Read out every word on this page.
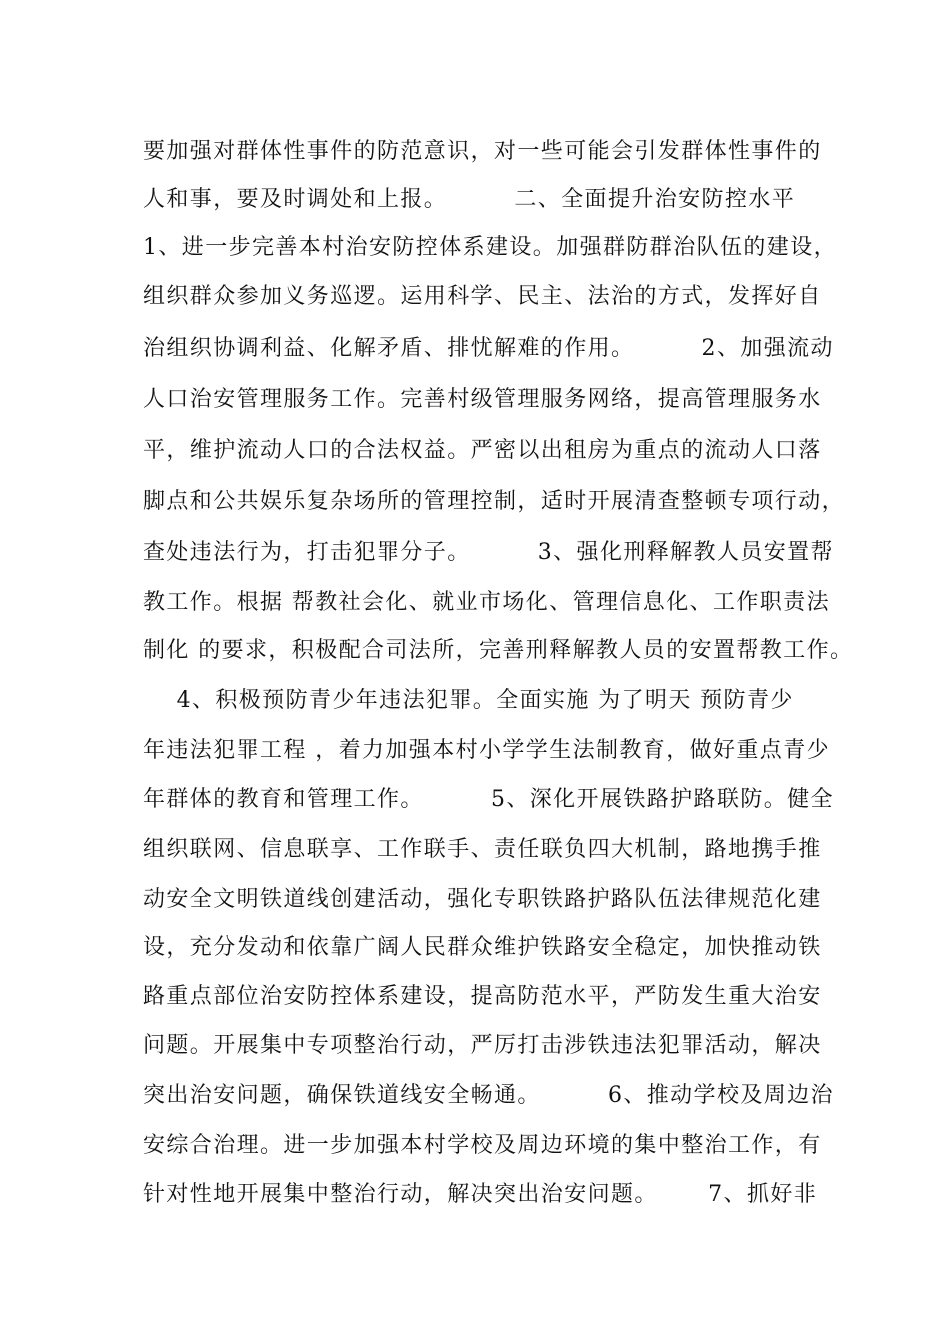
要加强对群体性事件的防范意识，对一些可能会引发群体性事件的
人和事，要及时调处和上报。        二、全面提升治安防控水平
1、进一步完善本村治安防控体系建设。加强群防群治队伍的建设，
组织群众参加义务巡逻。运用科学、民主、法治的方式，发挥好自
治组织协调利益、化解矛盾、排忧解难的作用。        2、加强流动
人口治安管理服务工作。完善村级管理服务网络，提高管理服务水
平，维护流动人口的合法权益。严密以出租房为重点的流动人口落
脚点和公共娱乐复杂场所的管理控制，适时开展清查整顿专项行动，
查处违法行为，打击犯罪分子。        3、强化刑释解教人员安置帮
教工作。根据 帮教社会化、就业市场化、管理信息化、工作职责法
制化 的要求，积极配合司法所，完善刑释解教人员的安置帮教工作。
4、积极预防青少年违法犯罪。全面实施 为了明天 预防青少
年违法犯罪工程 ，着力加强本村小学学生法制教育，做好重点青少
年群体的教育和管理工作。        5、深化开展铁路护路联防。健全
组织联网、信息联享、工作联手、责任联负四大机制，路地携手推
动安全文明铁道线创建活动，强化专职铁路护路队伍法律规范化建
设，充分发动和依靠广阔人民群众维护铁路安全稳定，加快推动铁
路重点部位治安防控体系建设，提高防范水平，严防发生重大治安
问题。开展集中专项整治行动，严厉打击涉铁违法犯罪活动，解决
突出治安问题，确保铁道线安全畅通。        6、推动学校及周边治
安综合治理。进一步加强本村学校及周边环境的集中整治工作，有
针对性地开展集中整治行动，解决突出治安问题。      7、抓好非
